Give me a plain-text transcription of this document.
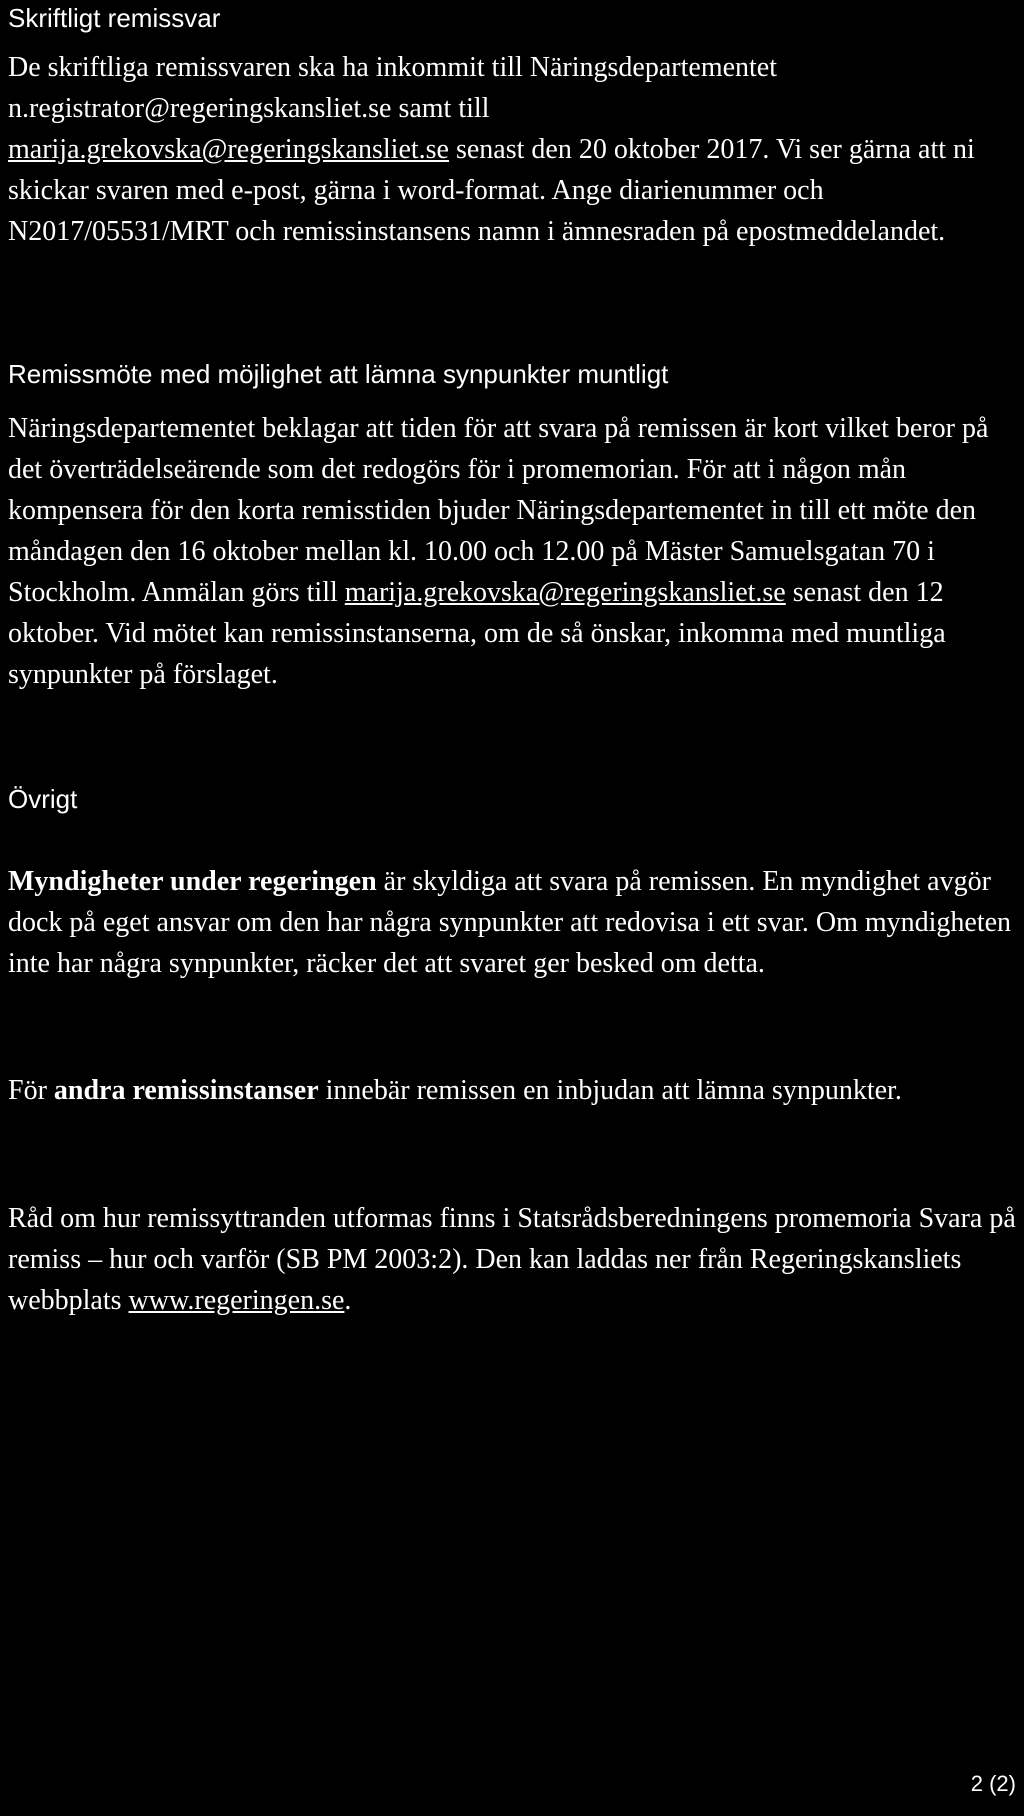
Skriftligt remissvar

De skriftliga remissvaren ska ha inkommit till Näringsdepartementet
n.registrator@regeringskansliet.se samt till
marija.grekovska@regeringskansliet.se senast den 20 oktober 2017. Vi ser gärna att ni skickar svaren med e-post, gärna i word-format. Ange diarienummer och N2017/05531/MRT och remissinstansens namn i ämnesraden på epostmeddelandet.

Remissmöte med möjlighet att lämna synpunkter muntligt

Näringsdepartementet beklagar att tiden för att svara på remissen är kort vilket beror på det överträdelseärende som det redogörs för i promemorian. För att i någon mån kompensera för den korta remisstiden bjuder Näringsdepartementet in till ett möte den måndagen den 16 oktober mellan kl. 10.00 och 12.00 på Mäster Samuelsgatan 70 i Stockholm. Anmälan görs till marija.grekovska@regeringskansliet.se senast den 12 oktober. Vid mötet kan remissinstanserna, om de så önskar, inkomma med muntliga synpunkter på förslaget.

Övrigt

Myndigheter under regeringen är skyldiga att svara på remissen. En myndighet avgör dock på eget ansvar om den har några synpunkter att redovisa i ett svar. Om myndigheten inte har några synpunkter, räcker det att svaret ger besked om detta.

För andra remissinstanser innebär remissen en inbjudan att lämna synpunkter.

Råd om hur remissyttranden utformas finns i Statsrådsberedningens promemoria Svara på remiss – hur och varför (SB PM 2003:2). Den kan laddas ner från Regeringskansliets webbplats www.regeringen.se.

2 (2)
